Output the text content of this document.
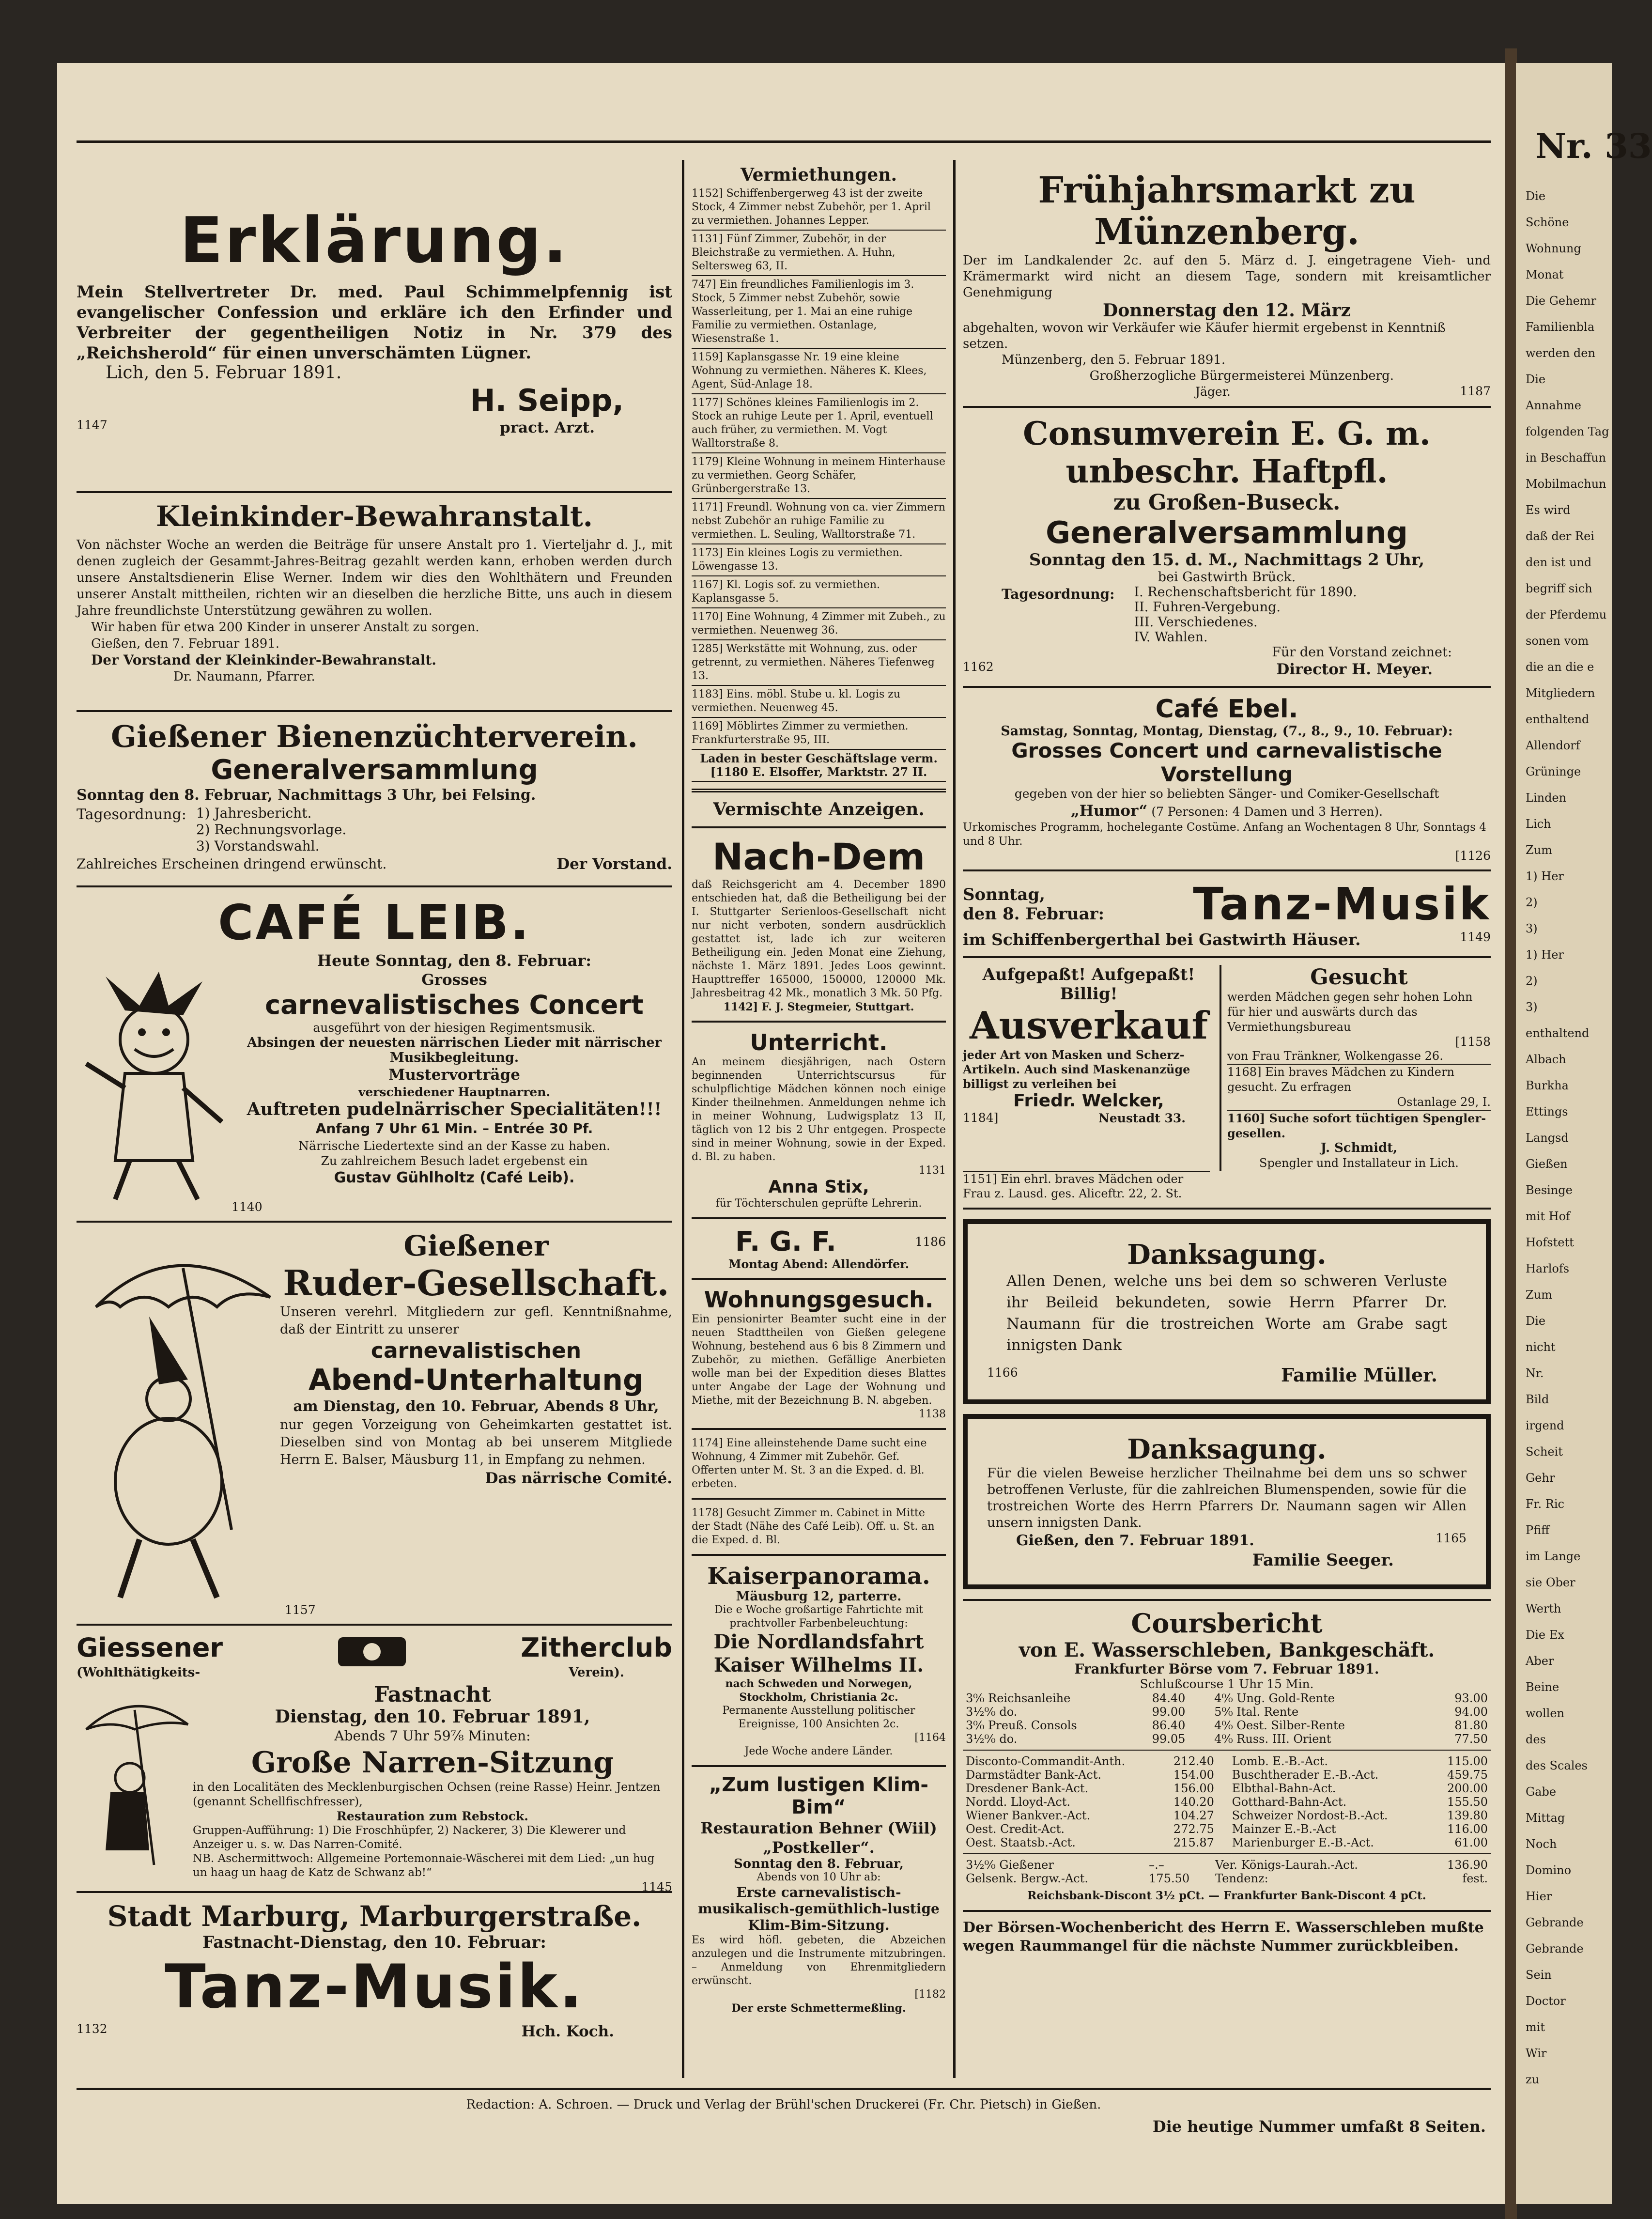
Erklärung.

Mein Stellvertreter Dr. med. Paul Schimmelpfennig ist evangelischer Confession und erkläre ich den Erfinder und Verbreiter der gegentheiligen Notiz in Nr. 379 des „Reichsherold“ für einen unverschämten Lügner.

Lich, den 5. Februar 1891.

H. Seipp,
1147	pract. Arzt.
Kleinkinder-Bewahranstalt.

Von nächster Woche an werden die Beiträge für unsere Anstalt pro 1. Vierteljahr d. J., mit denen zugleich der Gesammt-Jahres-Beitrag gezahlt werden kann, erhoben werden durch unsere Anstaltsdienerin Elise Werner. Indem wir dies den Wohlthätern und Freunden unserer Anstalt mittheilen, richten wir an dieselben die herzliche Bitte, uns auch in diesem Jahre freundlichste Unterstützung gewähren zu wollen.

Wir haben für etwa 200 Kinder in unserer Anstalt zu sorgen.

Gießen, den 7. Februar 1891.

Der Vorstand der Kleinkinder-Bewahranstalt.

Dr. Naumann, Pfarrer.

Gießener Bienenzüchterverein.
Generalversammlung

Sonntag den 8. Februar, Nachmittags 3 Uhr, bei Felsing.

Tagesordnung: 1) Jahresbericht.

2) Rechnungsvorlage.

3) Vorstandswahl.

Zahlreiches Erscheinen dringend erwünscht.	Der Vorstand.
CAFÉ LEIB.

Heute Sonntag, den 8. Februar:

Grosses

carnevalistisches Concert

ausgeführt von der hiesigen Regimentsmusik.

Absingen der neuesten närrischen Lieder mit närrischer Musikbegleitung.

Mustervorträge

verschiedener Hauptnarren.

Auftreten pudelnärrischer Specialitäten!!!

Anfang 7 Uhr 61 Min. – Entrée 30 Pf.

Närrische Liedertexte sind an der Kasse zu haben.

Zu zahlreichem Besuch ladet ergebenst ein

Gustav Gühlholtz (Café Leib).

1140

Gießener

Ruder-Gesellschaft.

Unseren verehrl. Mitgliedern zur gefl. Kenntnißnahme, daß der Eintritt zu unserer

carnevalistischen

Abend-Unterhaltung

am Dienstag, den 10. Februar, Abends 8 Uhr,

nur gegen Vorzeigung von Geheimkarten gestattet ist. Dieselben sind von Montag ab bei unserem Mitgliede Herrn E. Balser, Mäusburg 11, in Empfang zu nehmen.

Das närrische Comité.

1157

Giessener

(Wohlthätigkeits-

Zitherclub

Verein).

Fastnacht

Dienstag, den 10. Februar 1891,

Abends 7 Uhr 59⁷⁄₈ Minuten:

Große Narren-Sitzung

in den Localitäten des Mecklenburgischen Ochsen (reine Rasse) Heinr. Jentzen (genannt Schellfischfresser),

Restauration zum Rebstock.

Gruppen-Aufführung: 1) Die Froschhüpfer, 2) Nackerer, 3) Die Klewerer und Anzeiger u. s. w. Das Narren-Comité.

NB. Aschermittwoch: Allgemeine Portemonnaie-Wäscherei mit dem Lied: „un hug un haag un haag de Katz de Schwanz ab!“

1145

Stadt Marburg, Marburgerstraße.

Fastnacht-Dienstag, den 10. Februar:

Tanz-Musik.

1132	Hch. Koch.

Vermiethungen.

1152] Schiffenbergerweg 43 ist der zweite Stock, 4 Zimmer nebst Zubehör, per 1. April zu vermiethen. Johannes Lepper.
1131] Fünf Zimmer, Zubehör, in der Bleichstraße zu vermiethen. A. Huhn, Selterswеg 63, II.
747] Ein freundliches Familienlogis im 3. Stock, 5 Zimmer nebst Zubehör, sowie Wasserleitung, per 1. Mai an eine ruhige Familie zu vermiethen. Ostanlage, Wiesenstraße 1.
1159] Kaplansgasse Nr. 19 eine kleine Wohnung zu vermiethen. Näheres K. Klees, Agent, Süd-Anlage 18.
1177] Schönes kleines Familienlogis im 2. Stock an ruhige Leute per 1. April, eventuell auch früher, zu vermiethen. M. Vogt Walltorstraße 8.
1179] Kleine Wohnung in meinem Hinterhause zu vermiethen. Georg Schäfer, Grünbergerstraße 13.
1171] Freundl. Wohnung von ca. vier Zimmern nebst Zubehör an ruhige Familie zu vermiethen. L. Seuling, Walltorstraße 71.
1173] Ein kleines Logis zu vermiethen. Löwengasse 13.
1167] Kl. Logis sof. zu vermiethen. Kaplansgasse 5.
1170] Eine Wohnung, 4 Zimmer mit Zubeh., zu vermiethen. Neuenweg 36.
1285] Werkstätte mit Wohnung, zus. oder getrennt, zu vermiethen. Näheres Tiefenweg 13.
1183] Eins. möbl. Stube u. kl. Logis zu vermiethen. Neuenweg 45.
1169] Möblirtes Zimmer zu vermiethen. Frankfurterstraße 95, III.
Laden in bester Geschäftslage verm. [1180 E. Elsoffer, Marktstr. 27 II.

Vermischte Anzeigen.

Nach-Dem

daß Reichsgericht am 4. December 1890 entschieden hat, daß die Betheiligung bei der I. Stuttgarter Serienloos-Gesellschaft nicht nur nicht verboten, sondern ausdrücklich gestattet ist, lade ich zur weiteren Betheiligung ein. Jeden Monat eine Ziehung, nächste 1. März 1891. Jedes Loos gewinnt. Haupttreffer 165000, 150000, 120000 Mk. Jahresbeitrag 42 Mk., monatlich 3 Mk. 50 Pfg.

1142] F. J. Stegmeier, Stuttgart.

Unterricht.

An meinem diesjährigen, nach Ostern beginnenden Unterrichtscursus für schulpflichtige Mädchen können noch einige Kinder theilnehmen. Anmeldungen nehme ich in meiner Wohnung, Ludwigsplatz 13 II, täglich von 12 bis 2 Uhr entgegen. Prospecte sind in meiner Wohnung, sowie in der Exped. d. Bl. zu haben.

1131

Anna Stix,

für Töchterschulen geprüfte Lehrerin.

F. G. F.	1186

Montag Abend: Allendörfer.

Wohnungsgesuch.

Ein pensionirter Beamter sucht eine in der neuen Stadttheilen von Gießen gelegene Wohnung, bestehend aus 6 bis 8 Zimmern und Zubehör, zu miethen. Gefällige Anerbieten wolle man bei der Expedition dieses Blattes unter Angabe der Lage der Wohnung und Miethe, mit der Bezeichnung B. N. abgeben.

1138

1174] Eine alleinstehende Dame sucht eine Wohnung, 4 Zimmer mit Zubehör. Gef. Offerten unter M. St. 3 an die Exped. d. Bl. erbeten.

1178] Gesucht Zimmer m. Cabinet in Mitte der Stadt (Nähe des Café Leib). Off. u. St. an die Exped. d. Bl.

Kaiserpanorama.

Mäusburg 12, parterre.

Die e Woche großartige Fahrtichte mit prachtvoller Farbenbeleuchtung:

Die Nordlandsfahrt Kaiser Wilhelms II.

nach Schweden und Norwegen, Stockholm, Christiania 2c.

Permanente Ausstellung politischer Ereignisse, 100 Ansichten 2c.

[1164

Jede Woche andere Länder.

„Zum lustigen Klim-Bim“

Restauration Behner (Wiil)

„Postkeller“.

Sonntag den 8. Februar,

Abends von 10 Uhr ab:

Erste carnevalistisch-musikalisch-gemüthlich-lustige Klim-Bim-Sitzung.

Es wird höfl. gebeten, die Abzeichen anzulegen und die Instrumente mitzubringen. – Anmeldung von Ehrenmitgliedern erwünscht.

[1182

Der erste Schmettermeßling.

Frühjahrsmarkt zu Münzenberg.

Der im Landkalender 2c. auf den 5. März d. J. eingetragene Vieh- und Krämermarkt wird nicht an diesem Tage, sondern mit kreisamtlicher Genehmigung

Donnerstag den 12. März

abgehalten, wovon wir Verkäufer wie Käufer hiermit ergebenst in Kenntniß setzen.

Münzenberg, den 5. Februar 1891.

Großherzogliche Bürgermeisterei Münzenberg.

Jäger.	1187

Consumverein E. G. m. unbeschr. Haftpfl.

zu Großen-Buseck.

Generalversammlung

Sonntag den 15. d. M., Nachmittags 2 Uhr,

bei Gastwirth Brück.

Tagesordnung: I. Rechenschaftsbericht für 1890.

II. Fuhren-Vergebung.

III. Verschiedenes.

IV. Wahlen.

Für den Vorstand zeichnet:

1162	Director H. Meyer.

Café Ebel.

Samstag, Sonntag, Montag, Dienstag, (7., 8., 9., 10. Februar):

Grosses Concert und carnevalistische Vorstellung

gegeben von der hier so beliebten Sänger- und Comiker-Gesellschaft

„Humor“ (7 Personen: 4 Damen und 3 Herren).

Urkomisches Programm, hochelegante Costüme. Anfang an Wochentagen 8 Uhr, Sonntags 4 und 8 Uhr.

[1126

Sonntag,

den 8. Februar: Tanz-Musik
im Schiffenbergerthal bei Gastwirth Häuser.	1149

Aufgepaßt! Aufgepaßt!

Billig!

Ausverkauf

jeder Art von Masken und Scherz-Artikeln. Auch sind Maskenanzüge billigst zu verleihen bei

Friedr. Welcker,

1184]	Neustadt 33.

Gesucht

werden Mädchen gegen sehr hohen Lohn für hier und auswärts durch das Vermiethungsbureau

[1158

von Frau Tränkner, Wolkengasse 26.

1168] Ein braves Mädchen zu Kindern gesucht. Zu erfragen

Ostanlage 29, I.

1160] Suche sofort tüchtigen Spengler-gesellen.

J. Schmidt,

Spengler und Installateur in Lich.

1151] Ein ehrl. braves Mädchen oder Frau z. Lausd. ges. Aliceftr. 22, 2. St.

Danksagung.

Allen Denen, welche uns bei dem so schweren Verluste ihr Beileid bekundeten, sowie Herrn Pfarrer Dr. Naumann für die trostreichen Worte am Grabe sagt innigsten Dank

1166	Familie Müller.

Danksagung.

Für die vielen Beweise herzlicher Theilnahme bei dem uns so schwer betroffenen Verluste, für die zahlreichen Blumenspenden, sowie für die trostreichen Worte des Herrn Pfarrers Dr. Naumann sagen wir Allen unsern innigsten Dank.

Gießen, den 7. Februar 1891.	1165

Familie Seeger.

Coursbericht

von E. Wasserschleben, Bankgeschäft.

Frankfurter Börse vom 7. Februar 1891.

Schlußcourse 1 Uhr 15 Min.

3⁰⁄₀ Reichsanleihe	84.40	4⁰⁄₀ Ung. Gold-Rente	93.00
3¹⁄₂⁰⁄₀ do.	99.00	5⁰⁄₀ Ital. Rente	94.00
3⁰⁄₀ Preuß. Consols	86.40	4⁰⁄₀ Oest. Silber-Rente	81.80
3¹⁄₂⁰⁄₀ do.	99.05	4⁰⁄₀ Russ. III. Orient	77.50
Disconto-Commandit-Anth.	212.40	Lomb. E.-B.-Act.	115.00
Darmstädter Bank-Act.	154.00	Buschtherader E.-B.-Act.	459.75
Dresdener Bank-Act.	156.00	Elbthal-Bahn-Act.	200.00
Nordd. Lloyd-Act.	140.20	Gotthard-Bahn-Act.	155.50
Wiener Bankver.-Act.	104.27	Schweizer Nordost-B.-Act.	139.80
Oest. Credit-Act.	272.75	Mainzer E.-B.-Act	116.00
Oest. Staatsb.-Act.	215.87	Marienburger E.-B.-Act.	61.00
3¹⁄₂⁰⁄₀ Gießener	–.–	Ver. Königs-Laurah.-Act.	136.90
Gelsenk. Bergw.-Act.	175.50	Tendenz:	fest.

Reichsbank-Discont 3¹⁄₂ pCt. — Frankfurter Bank-Discont 4 pCt.

Der Börsen-Wochenbericht des Herrn E. Wasserschleben mußte wegen Raummangel für die nächste Nummer zurückbleiben.

Redaction: A. Schroen. — Druck und Verlag der Brühl'schen Druckerei (Fr. Chr. Pietsch) in Gießen.

Die heutige Nummer umfaßt 8 Seiten.

Nr. 33
Die
Schöne
Wohnung
Monat
Die Gehemr
Familienbla
werden den
Die
Annahme
folgenden Tag
in Beschaffun
Mobilmachun
Es wird
daß der Rei
den ist und
begriff sich
der Pferdemu
sonen vom
die an die e
Mitgliedern
enthaltend
Allendorf
Grüninge
Linden
Lich
Zum
1) Her
2)
3)
1) Her
2)
3)
enthaltend
Albach
Burkha
Ettings
Langsd
Gießen
Besinge
mit Hof
Hofstett
Harlofs
Zum
Die
nicht
Nr.
Bild
irgend
Scheit
Gehr
Fr. Ric
Pfiff
im Lange
sie Ober
Werth
Die Ex
Aber
Beine
wollen
des
des Scales
Gabe
Mittag
Noch
Domino
Hier
Gebrande
Gebrande
Sein
Doctor
mit
Wir
zu
